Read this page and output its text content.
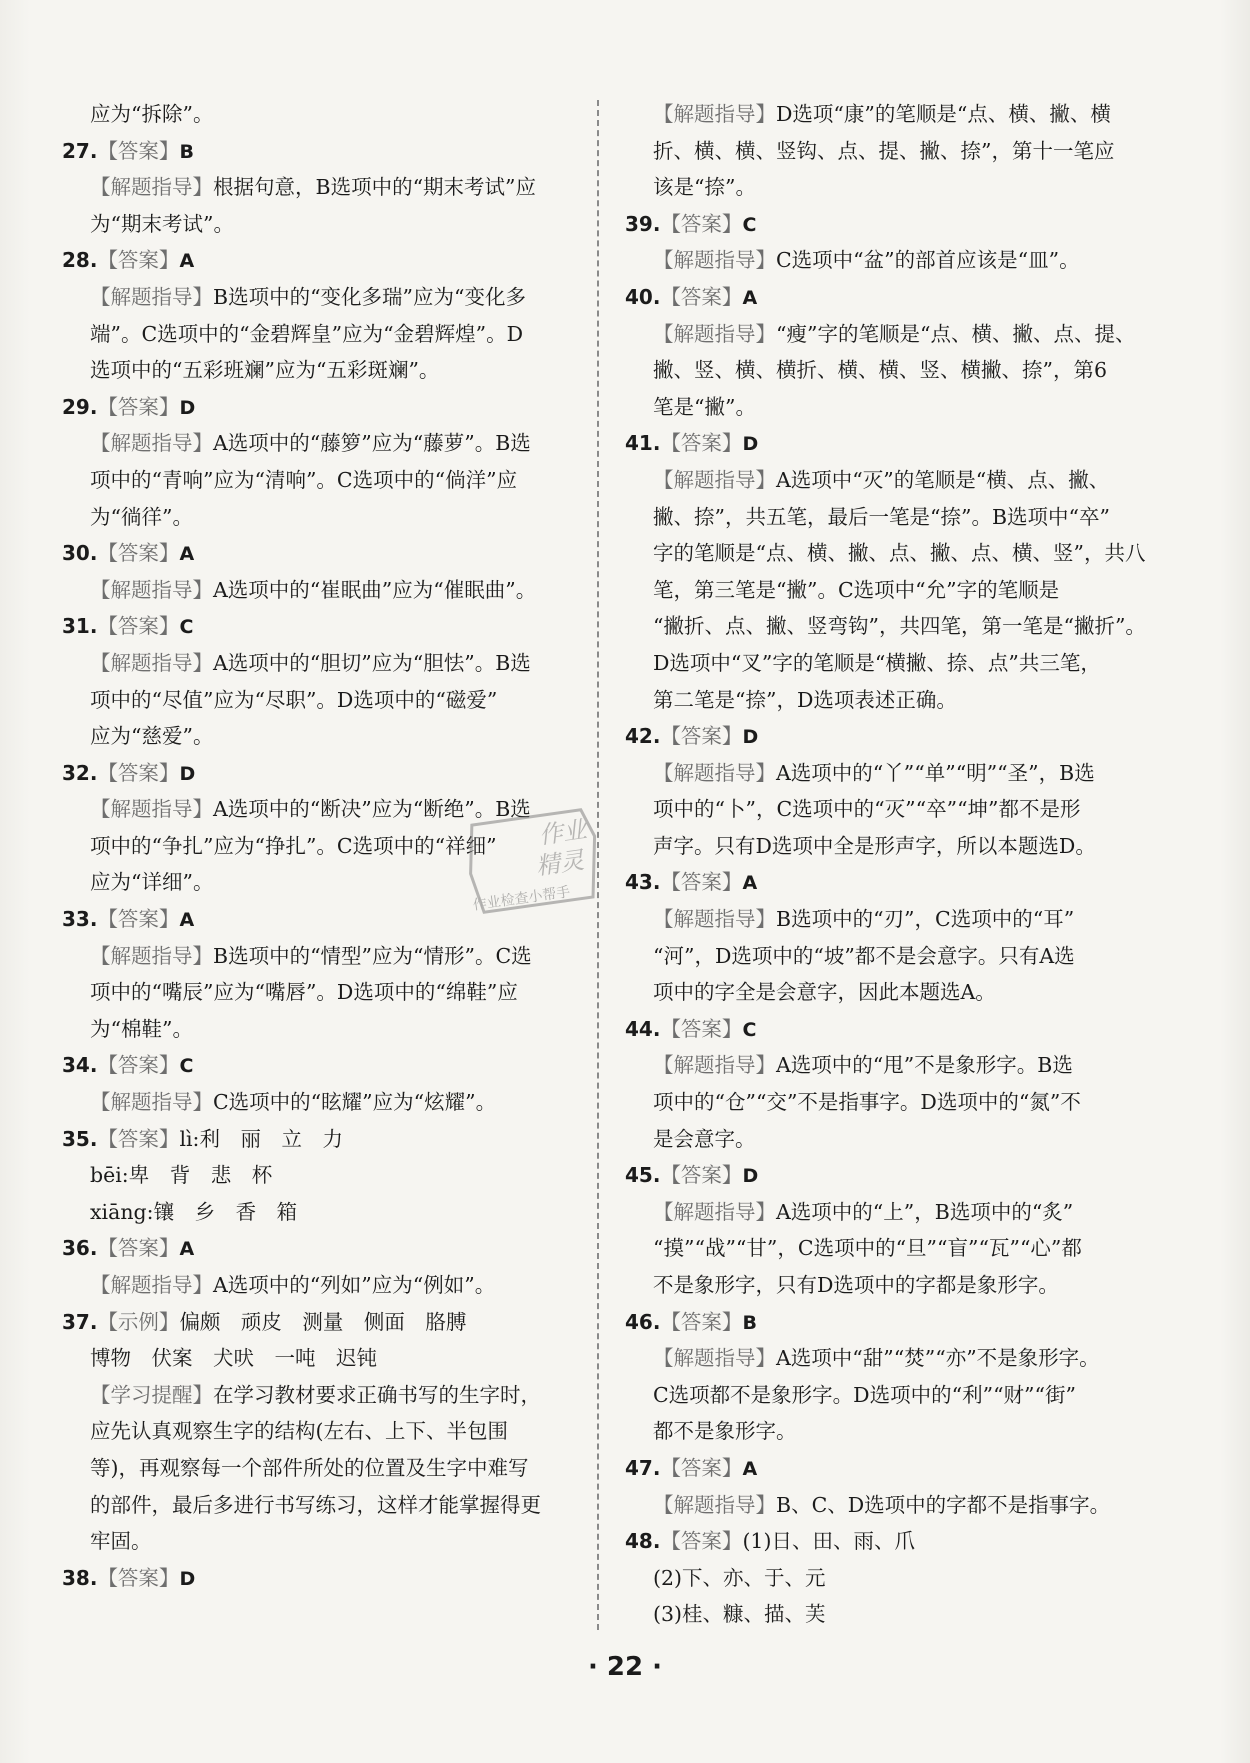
应为“拆除”。
27.【答案】B
【解题指导】根据句意，B选项中的“期末考试”应
为“期末考试”。
28.【答案】A
【解题指导】B选项中的“变化多瑞”应为“变化多
端”。C选项中的“金碧辉皇”应为“金碧辉煌”。D
选项中的“五彩班斓”应为“五彩斑斓”。
29.【答案】D
【解题指导】A选项中的“藤箩”应为“藤萝”。B选
项中的“青响”应为“清响”。C选项中的“倘洋”应
为“徜徉”。
30.【答案】A
【解题指导】A选项中的“崔眠曲”应为“催眠曲”。
31.【答案】C
【解题指导】A选项中的“胆切”应为“胆怯”。B选
项中的“尽值”应为“尽职”。D选项中的“磁爱”
应为“慈爱”。
32.【答案】D
【解题指导】A选项中的“断决”应为“断绝”。B选
项中的“争扎”应为“挣扎”。C选项中的“祥细”
应为“详细”。
33.【答案】A
【解题指导】B选项中的“情型”应为“情形”。C选
项中的“嘴辰”应为“嘴唇”。D选项中的“绵鞋”应
为“棉鞋”。
34.【答案】C
【解题指导】C选项中的“眩耀”应为“炫耀”。
35.【答案】lì:利　丽　立　力
bēi:卑　背　悲　杯
xiāng:镶　乡　香　箱
36.【答案】A
【解题指导】A选项中的“列如”应为“例如”。
37.【示例】偏颇　顽皮　测量　侧面　胳膊
博物　伏案　犬吠　一吨　迟钝
【学习提醒】在学习教材要求正确书写的生字时，
应先认真观察生字的结构(左右、上下、半包围
等)，再观察每一个部件所处的位置及生字中难写
的部件，最后多进行书写练习，这样才能掌握得更
牢固。
38.【答案】D
【解题指导】D选项“康”的笔顺是“点、横、撇、横
折、横、横、竖钩、点、提、撇、捺”，第十一笔应
该是“捺”。
39.【答案】C
【解题指导】C选项中“盆”的部首应该是“皿”。
40.【答案】A
【解题指导】“瘦”字的笔顺是“点、横、撇、点、提、
撇、竖、横、横折、横、横、竖、横撇、捺”，第6
笔是“撇”。
41.【答案】D
【解题指导】A选项中“灭”的笔顺是“横、点、撇、
撇、捺”，共五笔，最后一笔是“捺”。B选项中“卒”
字的笔顺是“点、横、撇、点、撇、点、横、竖”，共八
笔，第三笔是“撇”。C选项中“允”字的笔顺是
“撇折、点、撇、竖弯钩”，共四笔，第一笔是“撇折”。
D选项中“叉”字的笔顺是“横撇、捺、点”共三笔，
第二笔是“捺”，D选项表述正确。
42.【答案】D
【解题指导】A选项中的“丫”“单”“明”“圣”，B选
项中的“卜”，C选项中的“灭”“卒”“坤”都不是形
声字。只有D选项中全是形声字，所以本题选D。
43.【答案】A
【解题指导】B选项中的“刃”，C选项中的“耳”
“河”，D选项中的“坡”都不是会意字。只有A选
项中的字全是会意字，因此本题选A。
44.【答案】C
【解题指导】A选项中的“甩”不是象形字。B选
项中的“仓”“交”不是指事字。D选项中的“氮”不
是会意字。
45.【答案】D
【解题指导】A选项中的“上”，B选项中的“炙”
“摸”“战”“甘”，C选项中的“旦”“盲”“瓦”“心”都
不是象形字，只有D选项中的字都是象形字。
46.【答案】B
【解题指导】A选项中“甜”“焚”“亦”不是象形字。
C选项都不是象形字。D选项中的“利”“财”“街”
都不是象形字。
47.【答案】A
【解题指导】B、C、D选项中的字都不是指事字。
48.【答案】(1)日、田、雨、爪
(2)下、亦、于、元
(3)桂、糠、描、芙
作业
精灵
作业检查小帮手
· 22 ·
